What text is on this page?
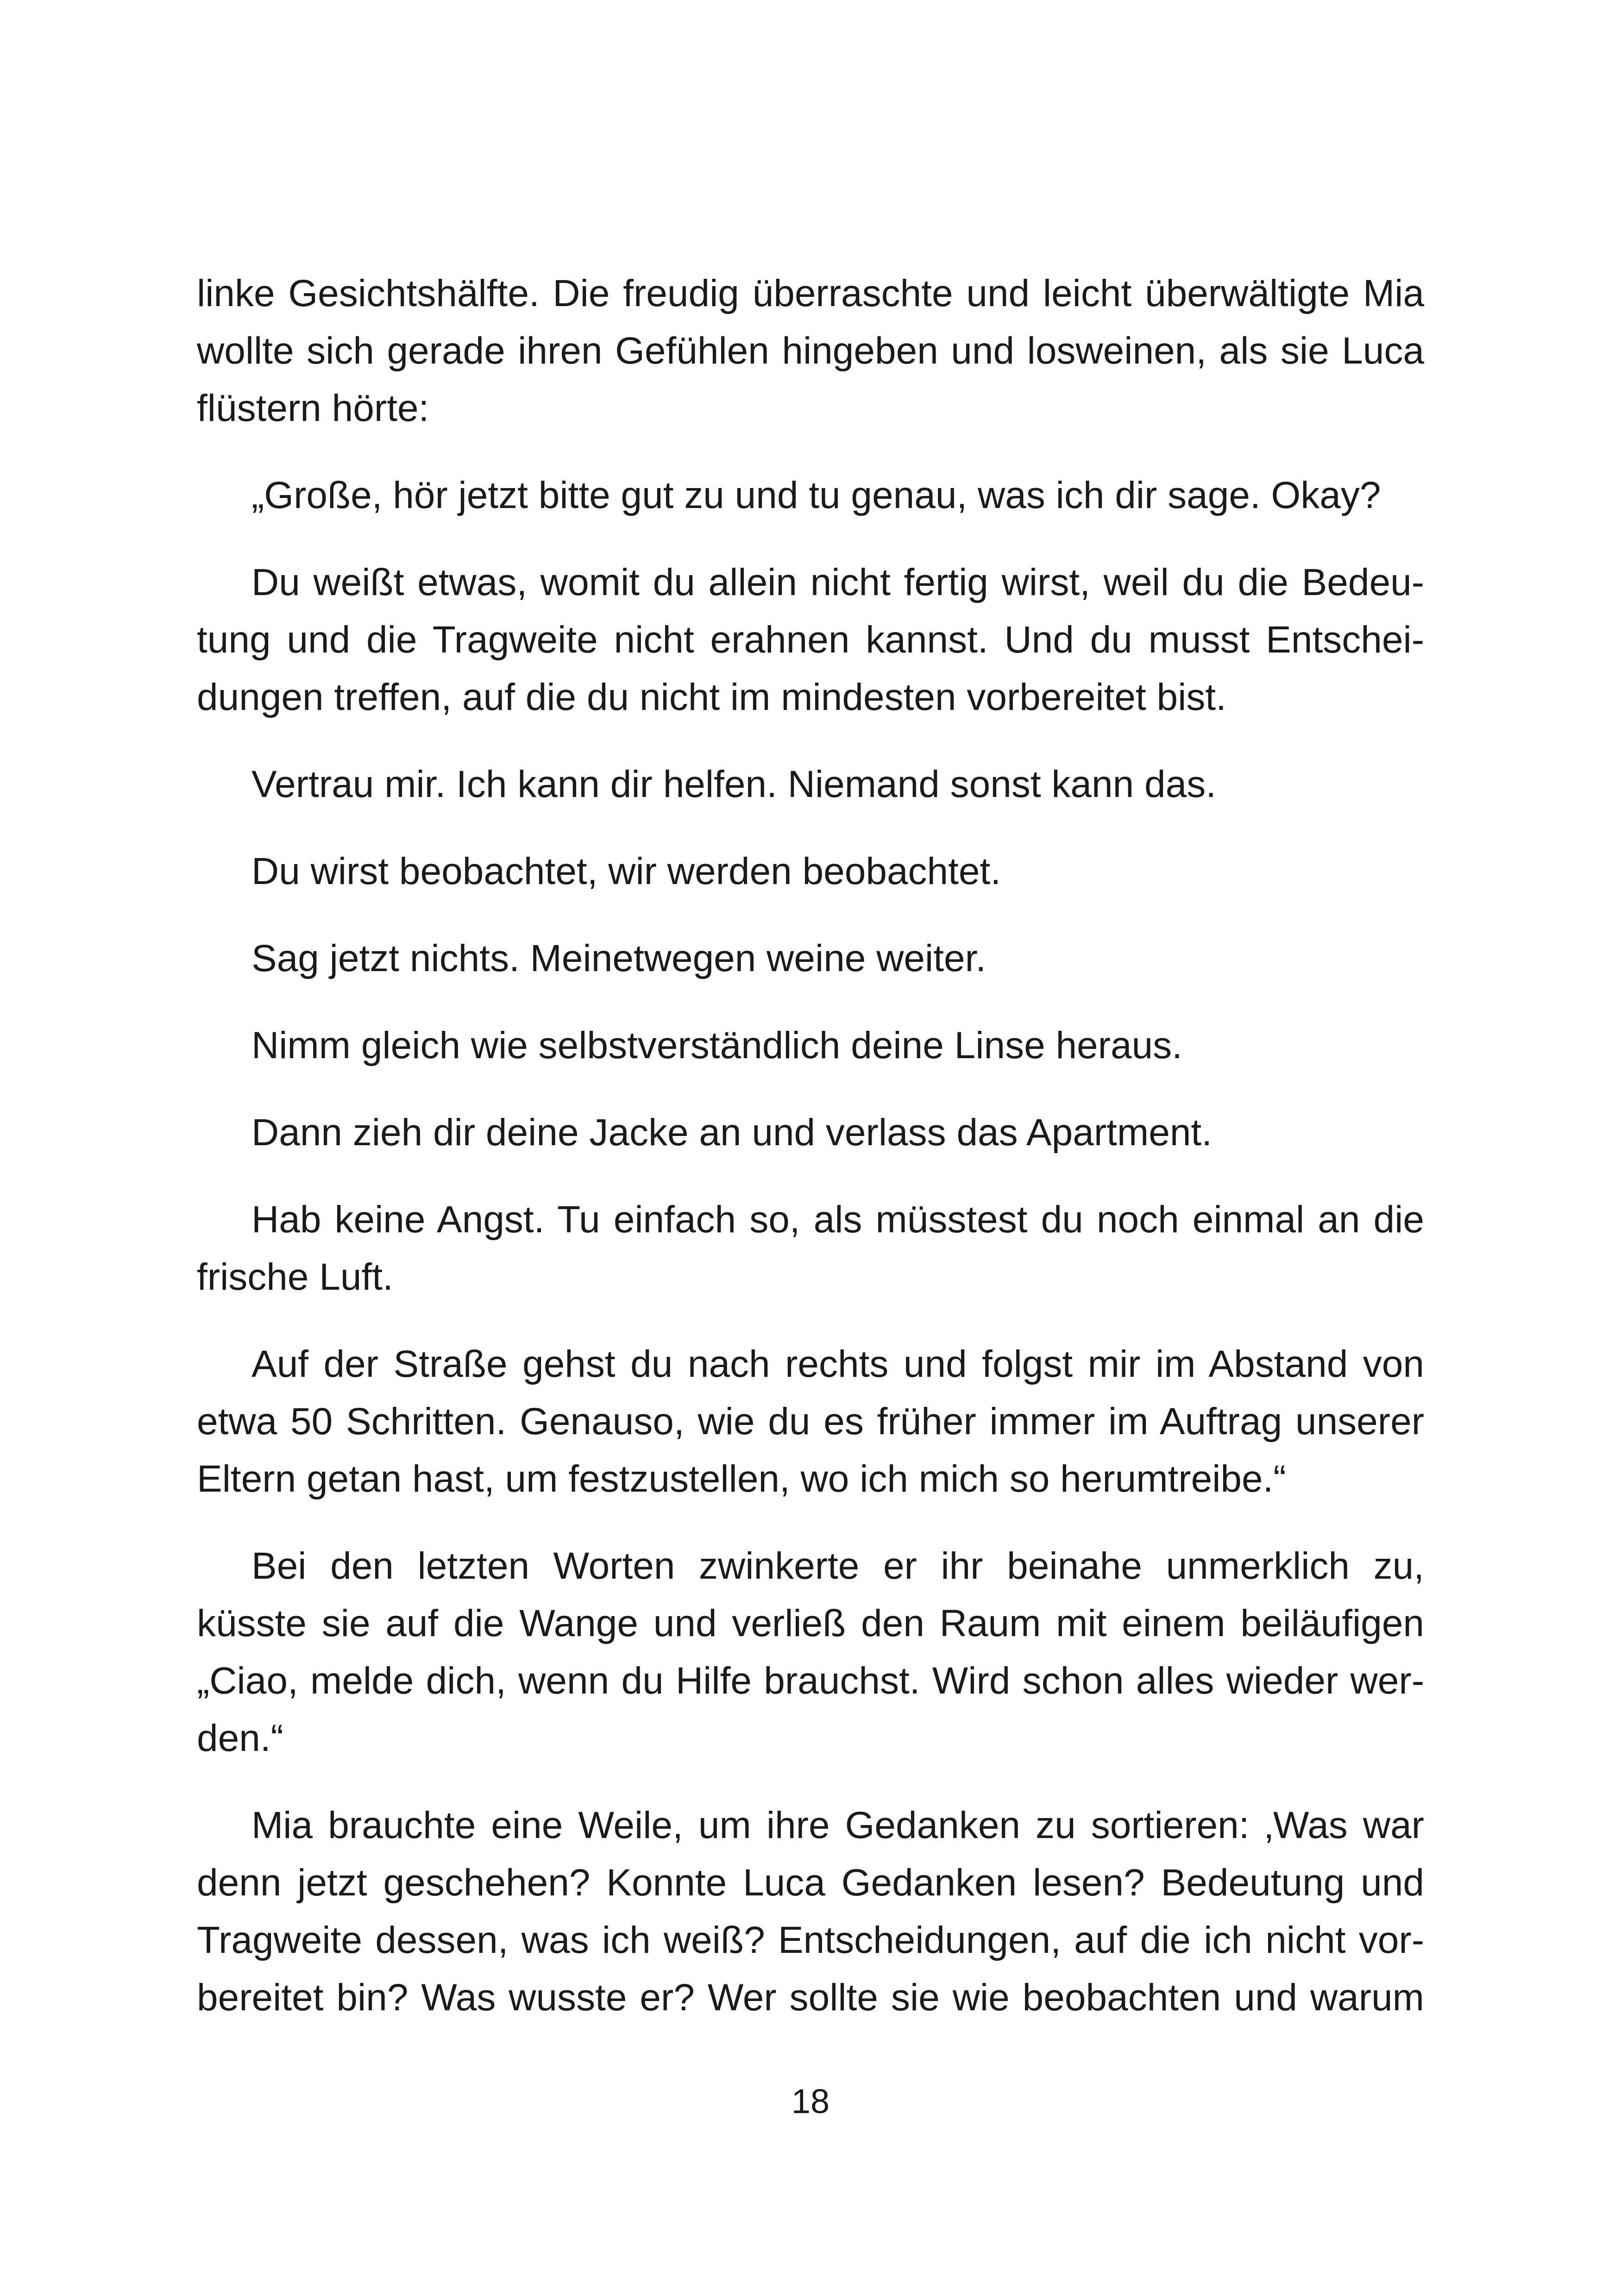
linke Gesichtshälfte. Die freudig überraschte und leicht überwältigte Mia wollte sich gerade ihren Gefühlen hingeben und losweinen, als sie Luca flüstern hörte:

„Große, hör jetzt bitte gut zu und tu genau, was ich dir sage. Okay?

Du weißt etwas, womit du allein nicht fertig wirst, weil du die Bedeutung und die Tragweite nicht erahnen kannst. Und du musst Entscheidungen treffen, auf die du nicht im mindesten vorbereitet bist.

Vertrau mir. Ich kann dir helfen. Niemand sonst kann das.

Du wirst beobachtet, wir werden beobachtet.

Sag jetzt nichts. Meinetwegen weine weiter.

Nimm gleich wie selbstverständlich deine Linse heraus.

Dann zieh dir deine Jacke an und verlass das Apartment.

Hab keine Angst. Tu einfach so, als müsstest du noch einmal an die frische Luft.

Auf der Straße gehst du nach rechts und folgst mir im Abstand von etwa 50 Schritten. Genauso, wie du es früher immer im Auftrag unserer Eltern getan hast, um festzustellen, wo ich mich so herumtreibe.“

Bei den letzten Worten zwinkerte er ihr beinahe unmerklich zu, küsste sie auf die Wange und verließ den Raum mit einem beiläufigen „Ciao, melde dich, wenn du Hilfe brauchst. Wird schon alles wieder werden.“

Mia brauchte eine Weile, um ihre Gedanken zu sortieren: ‚Was war denn jetzt geschehen? Konnte Luca Gedanken lesen? Bedeutung und Tragweite dessen, was ich weiß? Entscheidungen, auf die ich nicht vorbereitet bin? Was wusste er? Wer sollte sie wie beobachten und warum

18
